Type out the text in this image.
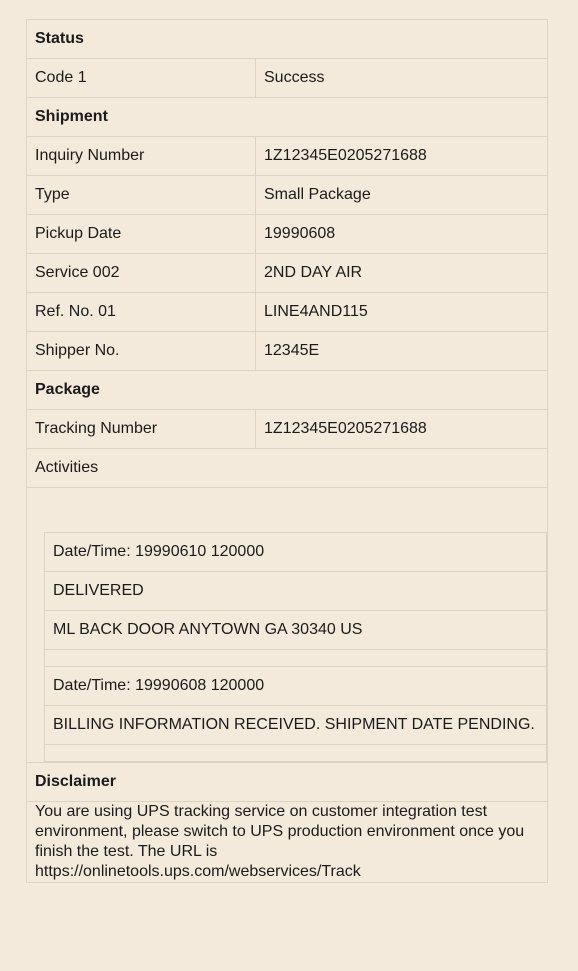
Status
Code 1	Success
Shipment
Inquiry Number	1Z12345E0205271688
Type	Small Package
Pickup Date	19990608
Service 002	2ND DAY AIR
Ref. No. 01	LINE4AND115
Shipper No.	12345E
Package
Tracking Number	1Z12345E0205271688
Activities

Date/Time: 19990610 120000
DELIVERED
ML BACK DOOR ANYTOWN GA 30340 US

Date/Time: 19990608 120000
BILLING INFORMATION RECEIVED. SHIPMENT DATE PENDING.

Disclaimer
You are using UPS tracking service on customer integration test environment, please switch to UPS production environment once you finish the test. The URL is https://onlinetools.ups.com/webservices/Track
